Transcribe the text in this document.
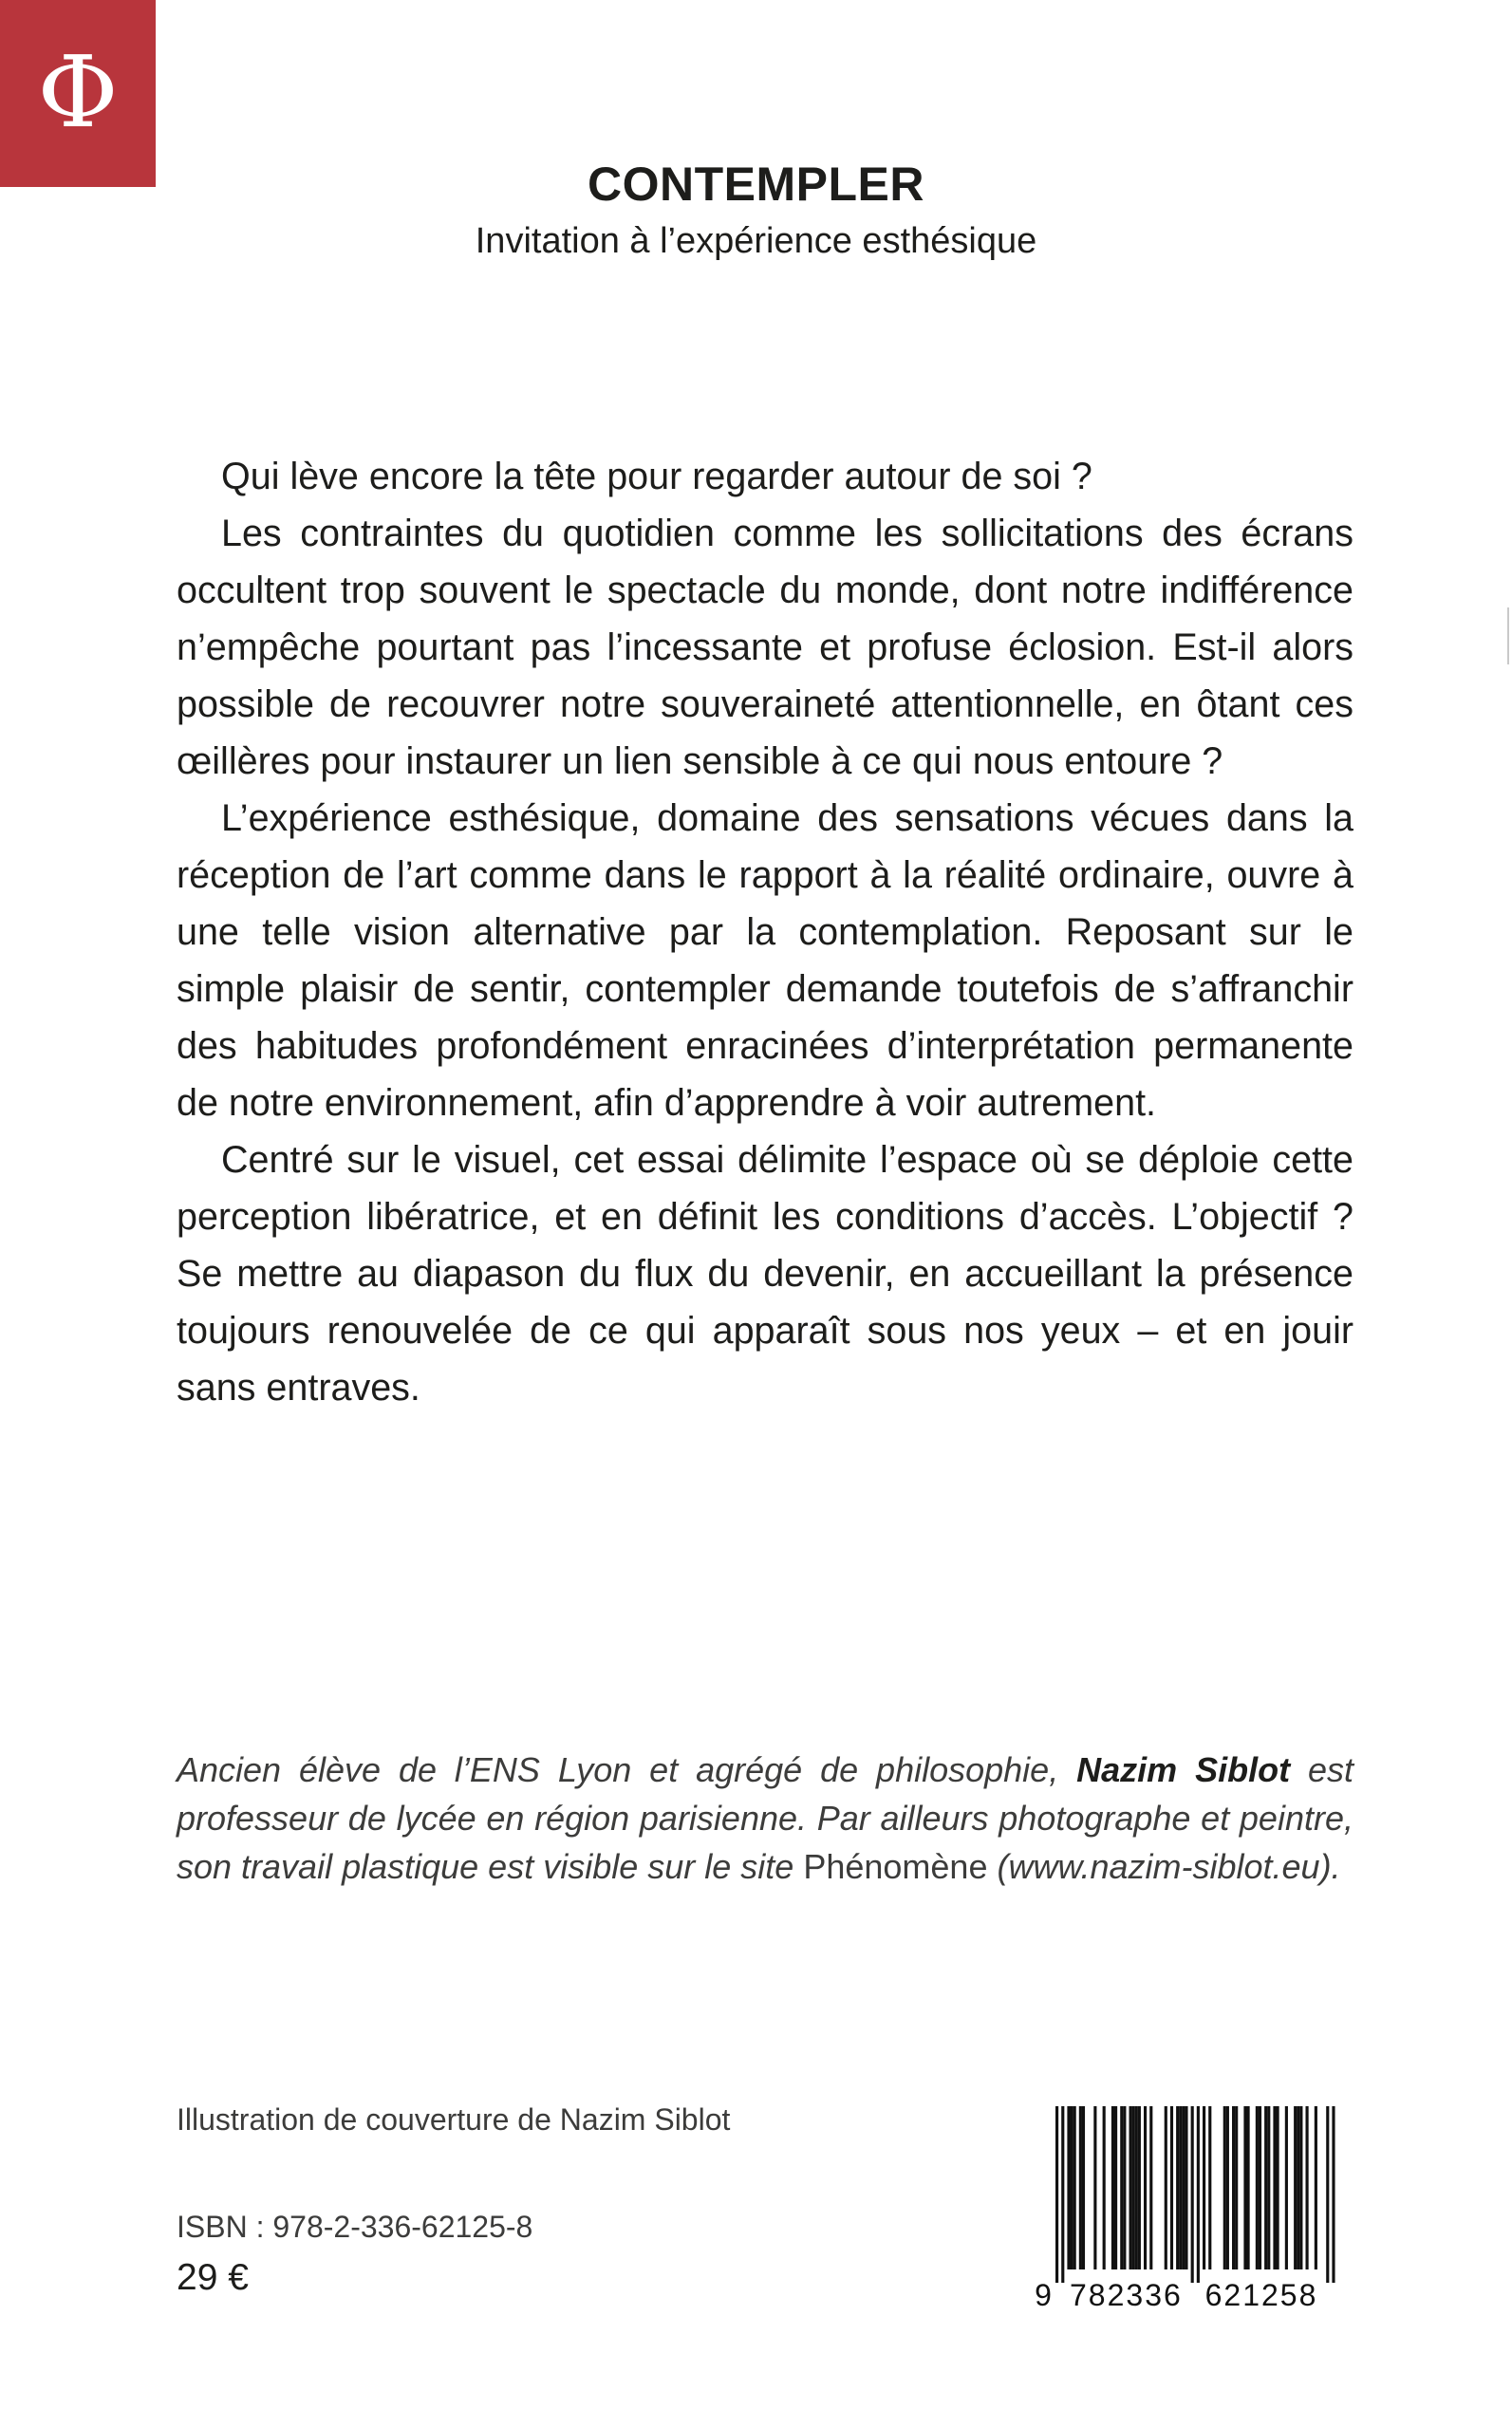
Φ
CONTEMPLER
Invitation à l’expérience esthésique

Qui lève encore la tête pour regarder autour de soi ?

Les contraintes du quotidien comme les sollicitations des écrans occultent trop souvent le spectacle du monde, dont notre indifférence n’empêche pourtant pas l’incessante et profuse éclosion. Est-il alors possible de recouvrer notre souveraineté attentionnelle, en ôtant ces œillères pour instaurer un lien sensible à ce qui nous entoure ?

L’expérience esthésique, domaine des sensations vécues dans la réception de l’art comme dans le rapport à la réalité ordinaire, ouvre à une telle vision alternative par la contemplation. Reposant sur le simple plaisir de sentir, contempler demande toutefois de s’affranchir des habitudes profondément enracinées d’interprétation permanente de notre environnement, afin d’apprendre à voir autrement.

Centré sur le visuel, cet essai délimite l’espace où se déploie cette perception libératrice, et en définit les conditions d’accès. L’objectif ? Se mettre au diapason du flux du devenir, en accueillant la présence toujours renouvelée de ce qui apparaît sous nos yeux – et en jouir sans entraves.

Ancien élève de l’ENS Lyon et agrégé de philosophie, Nazim Siblot est professeur de lycée en région parisienne. Par ailleurs photographe et peintre, son travail plastique est visible sur le site Phénomène (www.nazim-siblot.eu).
Illustration de couverture de Nazim Siblot
ISBN : 978-2-336-62125-8
29 €	9 782336 621258
